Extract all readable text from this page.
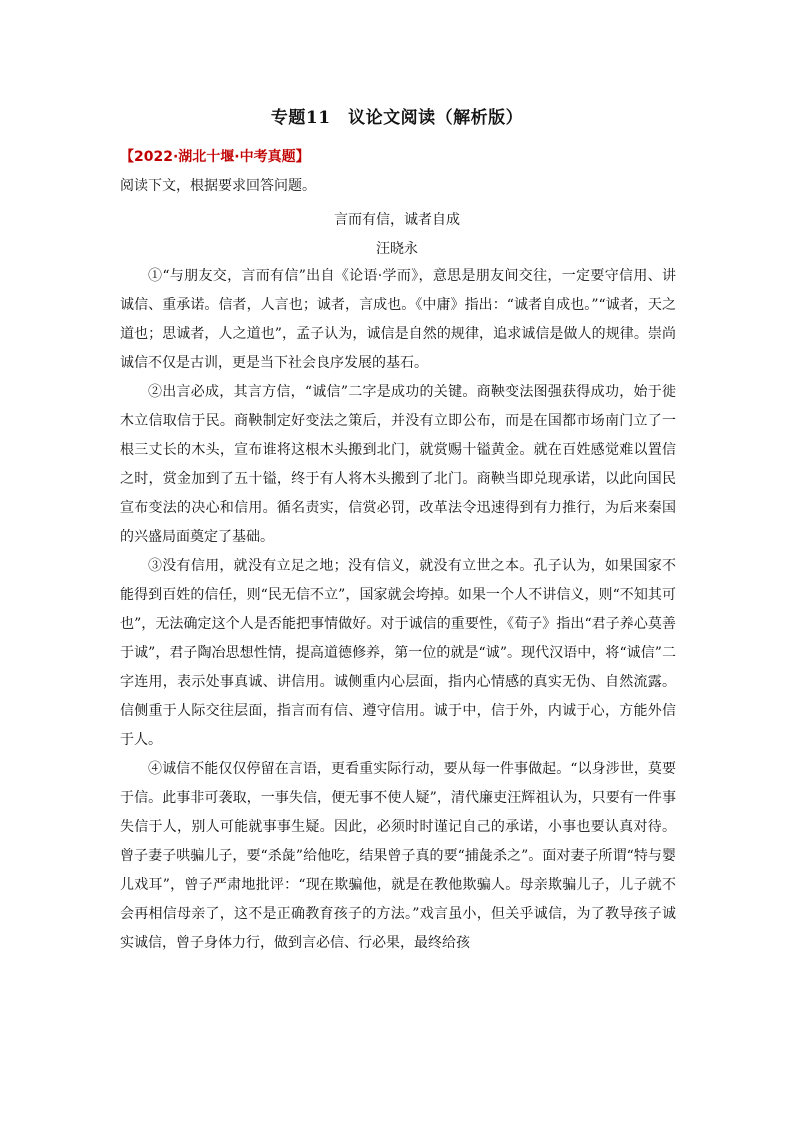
专题11　议论文阅读（解析版）
【2022·湖北十堰·中考真题】
阅读下文，根据要求回答问题。
言而有信，诚者自成
汪晓永

①“与朋友交，言而有信”出自《论语·学而》，意思是朋友间交往，一定要守信用、讲诚信、重承诺。信者，人言也；诚者，言成也。《中庸》指出：“诚者自成也。”“诚者，天之道也；思诚者，人之道也”，孟子认为，诚信是自然的规律，追求诚信是做人的规律。崇尚诚信不仅是古训，更是当下社会良序发展的基石。

②出言必成，其言方信，“诚信”二字是成功的关键。商鞅变法图强获得成功，始于徙木立信取信于民。商鞅制定好变法之策后，并没有立即公布，而是在国都市场南门立了一根三丈长的木头，宣布谁将这根木头搬到北门，就赏赐十镒黄金。就在百姓感觉难以置信之时，赏金加到了五十镒，终于有人将木头搬到了北门。商鞅当即兑现承诺，以此向国民宣布变法的决心和信用。循名责实，信赏必罚，改革法令迅速得到有力推行，为后来秦国的兴盛局面奠定了基础。

③没有信用，就没有立足之地；没有信义，就没有立世之本。孔子认为，如果国家不能得到百姓的信任，则“民无信不立”，国家就会垮掉。如果一个人不讲信义，则“不知其可也”，无法确定这个人是否能把事情做好。对于诚信的重要性，《荀子》指出“君子养心莫善于诚”，君子陶冶思想性情，提高道德修养，第一位的就是“诚”。现代汉语中，将“诚信”二字连用，表示处事真诚、讲信用。诚侧重内心层面，指内心情感的真实无伪、自然流露。信侧重于人际交往层面，指言而有信、遵守信用。诚于中，信于外，内诚于心，方能外信于人。

④诚信不能仅仅停留在言语，更看重实际行动，要从每一件事做起。“以身涉世，莫要于信。此事非可袭取，一事失信，便无事不使人疑”，清代廉吏汪辉祖认为，只要有一件事失信于人，别人可能就事事生疑。因此，必须时时谨记自己的承诺，小事也要认真对待。曾子妻子哄骗儿子，要“杀彘”给他吃，结果曾子真的要“捕彘杀之”。面对妻子所谓“特与婴儿戏耳”，曾子严肃地批评：“现在欺骗他，就是在教他欺骗人。母亲欺骗儿子，儿子就不会再相信母亲了，这不是正确教育孩子的方法。”戏言虽小，但关乎诚信，为了教导孩子诚实诚信，曾子身体力行，做到言必信、行必果，最终给孩
